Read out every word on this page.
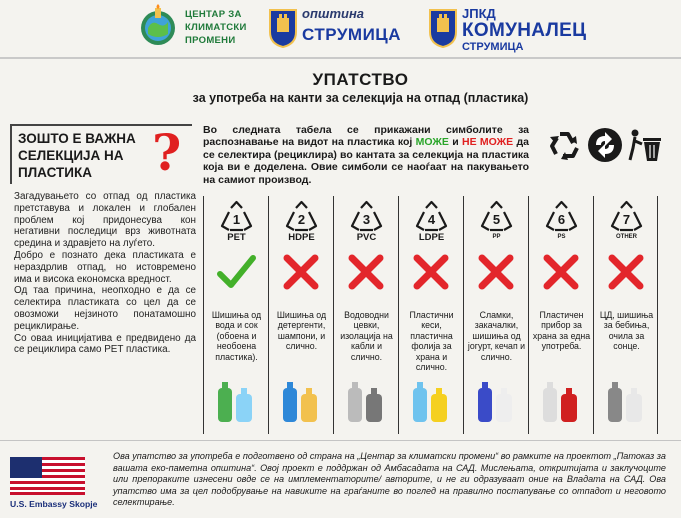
ЦЕНТАР ЗА
КЛИМАТСКИ
ПРОМЕНИ
општина
СТРУМИЦА
ЈПКД
КОМУНАЛЕЦ
СТРУМИЦА
УПАТСТВО
за употреба на канти за селекција на отпад (пластика)
ЗОШТО Е ВАЖНА СЕЛЕКЦИЈА НА ПЛАСТИКА	?
Загадувањето со отпад од пластика претставува и локален и глобален проблем кој придонесува кон негативни последици врз животната средина и здравјето на луѓето.
Добро е познато дека пластиката е нераздрлив отпад, но истовремено има и висока економска вредност.
Од таа причина, неопходно е да се селектира пластиката со цел да се овозможи нејзиното понатамошно рециклирање.
Со оваа иницијатива е предвидено да се рециклира само PET пластика.
Во следната табела се прикажани симболите за распознавање на видот на пластика кој МОЖЕ и НЕ МОЖЕ да се селектира (рециклира) во кантата за селекција на пластика која ви е доделена. Овие симболи се наоѓаат на пакувањето на самиот производ.
1
PET
Шишиња од вода и сок (обоена и необоена пластика).
2
HDPE
Шишиња од детергенти, шампони, и слично.
3
PVC
Водоводни цевки, изолација на кабли и слично.
4
LDPE
Пластични кеси, пластична фолија за храна и слично.
5
PP
Сламки, закачалки, шишиња од јогурт, кечап и слично.
6
PS
Пластичен прибор за храна за една употреба.
7
OTHER
ЦД, шишиња за бебиња, очила за сонце.
U.S. Embassy Skopje
Ова упатство за употреба е подготвено од страна на „Центар за климатски промени“ во рамките на проектот „Патоказ за вашата еко-паметна општина“. Овој проект е поддржан од Амбасадата на САД. Мислењата, откритијата и заклучоците или препораките изнесени овде се на имплементаторите/ авторите, и не ги одразуваат оние на Владата на САД. Ова упатство има за цел подобрување на навиките на граѓаните во поглед на правилно постапување со отпадот и неговото селектирање.
